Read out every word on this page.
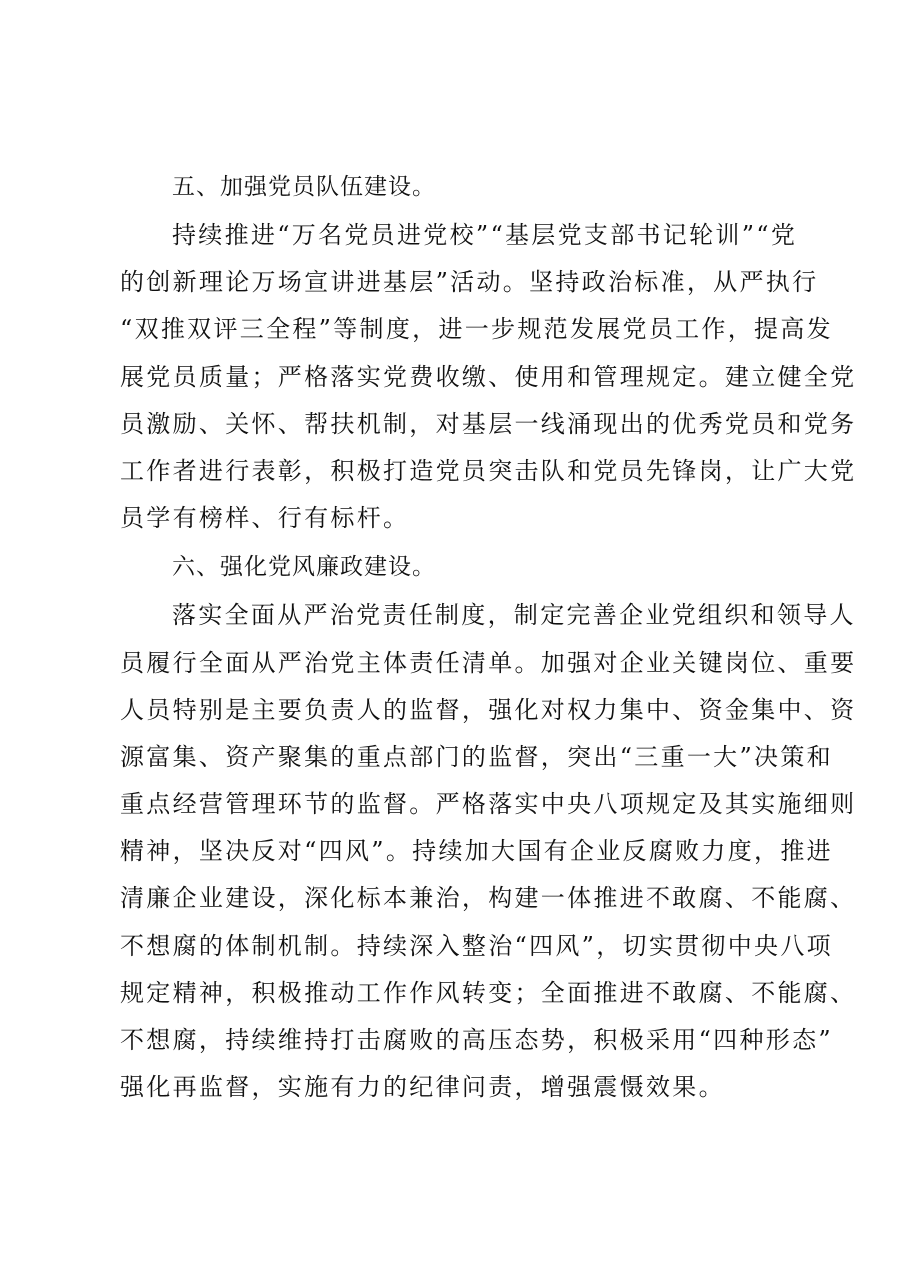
五、加强党员队伍建设。

持续推进“万名党员进党校”“基层党支部书记轮训”“党
的创新理论万场宣讲进基层”活动。坚持政治标准，从严执行
“双推双评三全程”等制度，进一步规范发展党员工作，提高发
展党员质量；严格落实党费收缴、使用和管理规定。建立健全党
员激励、关怀、帮扶机制，对基层一线涌现出的优秀党员和党务
工作者进行表彰，积极打造党员突击队和党员先锋岗，让广大党
员学有榜样、行有标杆。

六、强化党风廉政建设。

落实全面从严治党责任制度，制定完善企业党组织和领导人
员履行全面从严治党主体责任清单。加强对企业关键岗位、重要
人员特别是主要负责人的监督，强化对权力集中、资金集中、资
源富集、资产聚集的重点部门的监督，突出“三重一大”决策和
重点经营管理环节的监督。严格落实中央八项规定及其实施细则
精神，坚决反对“四风”。持续加大国有企业反腐败力度，推进
清廉企业建设，深化标本兼治，构建一体推进不敢腐、不能腐、
不想腐的体制机制。持续深入整治“四风”，切实贯彻中央八项
规定精神，积极推动工作作风转变；全面推进不敢腐、不能腐、
不想腐，持续维持打击腐败的高压态势，积极采用“四种形态”
强化再监督，实施有力的纪律问责，增强震慑效果。
